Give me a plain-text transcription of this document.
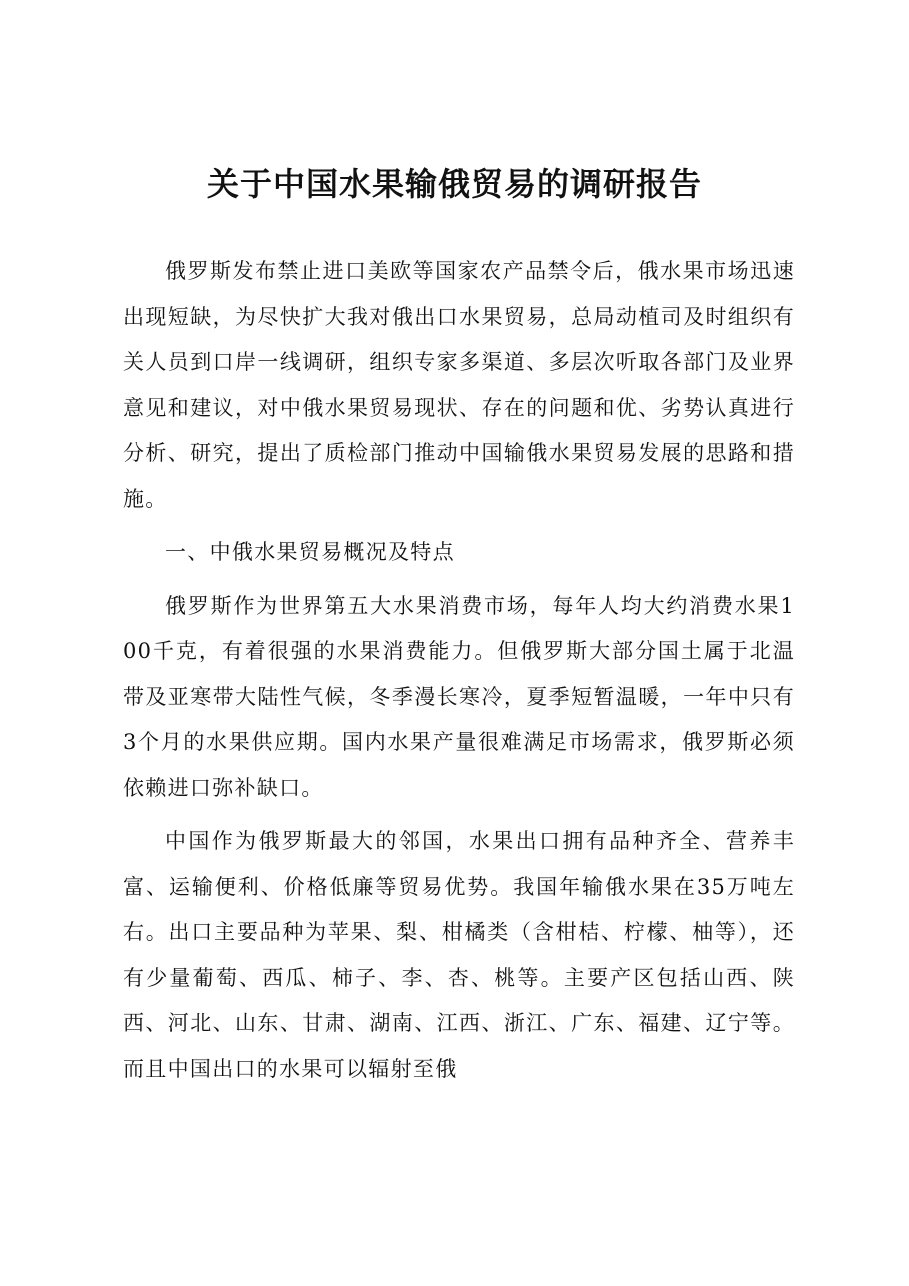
关于中国水果输俄贸易的调研报告

俄罗斯发布禁止进口美欧等国家农产品禁令后，俄水果市场迅速出现短缺，为尽快扩大我对俄出口水果贸易，总局动植司及时组织有关人员到口岸一线调研，组织专家多渠道、多层次听取各部门及业界意见和建议，对中俄水果贸易现状、存在的问题和优、劣势认真进行分析、研究，提出了质检部门推动中国输俄水果贸易发展的思路和措施。

一、中俄水果贸易概况及特点

俄罗斯作为世界第五大水果消费市场，每年人均大约消费水果100千克，有着很强的水果消费能力。但俄罗斯大部分国土属于北温带及亚寒带大陆性气候，冬季漫长寒冷，夏季短暂温暖，一年中只有3个月的水果供应期。国内水果产量很难满足市场需求，俄罗斯必须依赖进口弥补缺口。

中国作为俄罗斯最大的邻国，水果出口拥有品种齐全、营养丰富、运输便利、价格低廉等贸易优势。我国年输俄水果在35万吨左右。出口主要品种为苹果、梨、柑橘类（含柑桔、柠檬、柚等），还有少量葡萄、西瓜、柿子、李、杏、桃等。主要产区包括山西、陕西、河北、山东、甘肃、湖南、江西、浙江、广东、福建、辽宁等。而且中国出口的水果可以辐射至俄
